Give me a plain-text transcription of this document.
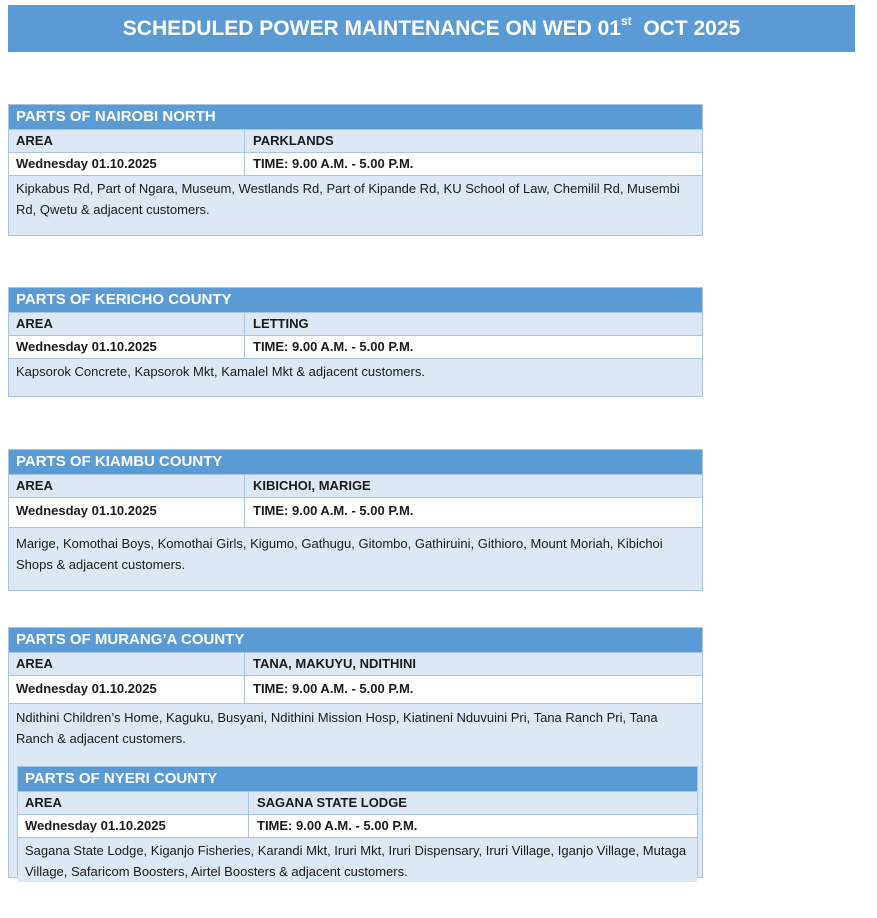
SCHEDULED POWER MAINTENANCE ON WED 01st  OCT 2025
PARTS OF NAIROBI NORTH
AREA	PARKLANDS
Wednesday 01.10.2025	TIME: 9.00 A.M. - 5.00 P.M.
Kipkabus Rd, Part of Ngara, Museum, Westlands Rd, Part of Kipande Rd, KU School of Law, Chemilil Rd, Musembi Rd, Qwetu & adjacent customers.
PARTS OF KERICHO COUNTY
AREA	LETTING
Wednesday 01.10.2025	TIME: 9.00 A.M. - 5.00 P.M.
Kapsorok Concrete, Kapsorok Mkt, Kamalel Mkt & adjacent customers.
PARTS OF KIAMBU COUNTY
AREA	KIBICHOI, MARIGE
Wednesday 01.10.2025	TIME: 9.00 A.M. - 5.00 P.M.
Marige, Komothai Boys, Komothai Girls, Kigumo, Gathugu, Gitombo, Gathiruini, Githioro, Mount Moriah, Kibichoi Shops & adjacent customers.
PARTS OF MURANG’A COUNTY
AREA	TANA, MAKUYU, NDITHINI
Wednesday 01.10.2025	TIME: 9.00 A.M. - 5.00 P.M.
Ndithini Children’s Home, Kaguku, Busyani, Ndithini Mission Hosp, Kiatineni Nduvuini Pri, Tana Ranch Pri, Tana Ranch & adjacent customers.
PARTS OF NYERI COUNTY
AREA	SAGANA STATE LODGE
Wednesday 01.10.2025	TIME: 9.00 A.M. - 5.00 P.M.
Sagana State Lodge, Kiganjo Fisheries, Karandi Mkt, Iruri Mkt, Iruri Dispensary, Iruri Village, Iganjo Village, Mutaga Village, Safaricom Boosters, Airtel Boosters & adjacent customers.
